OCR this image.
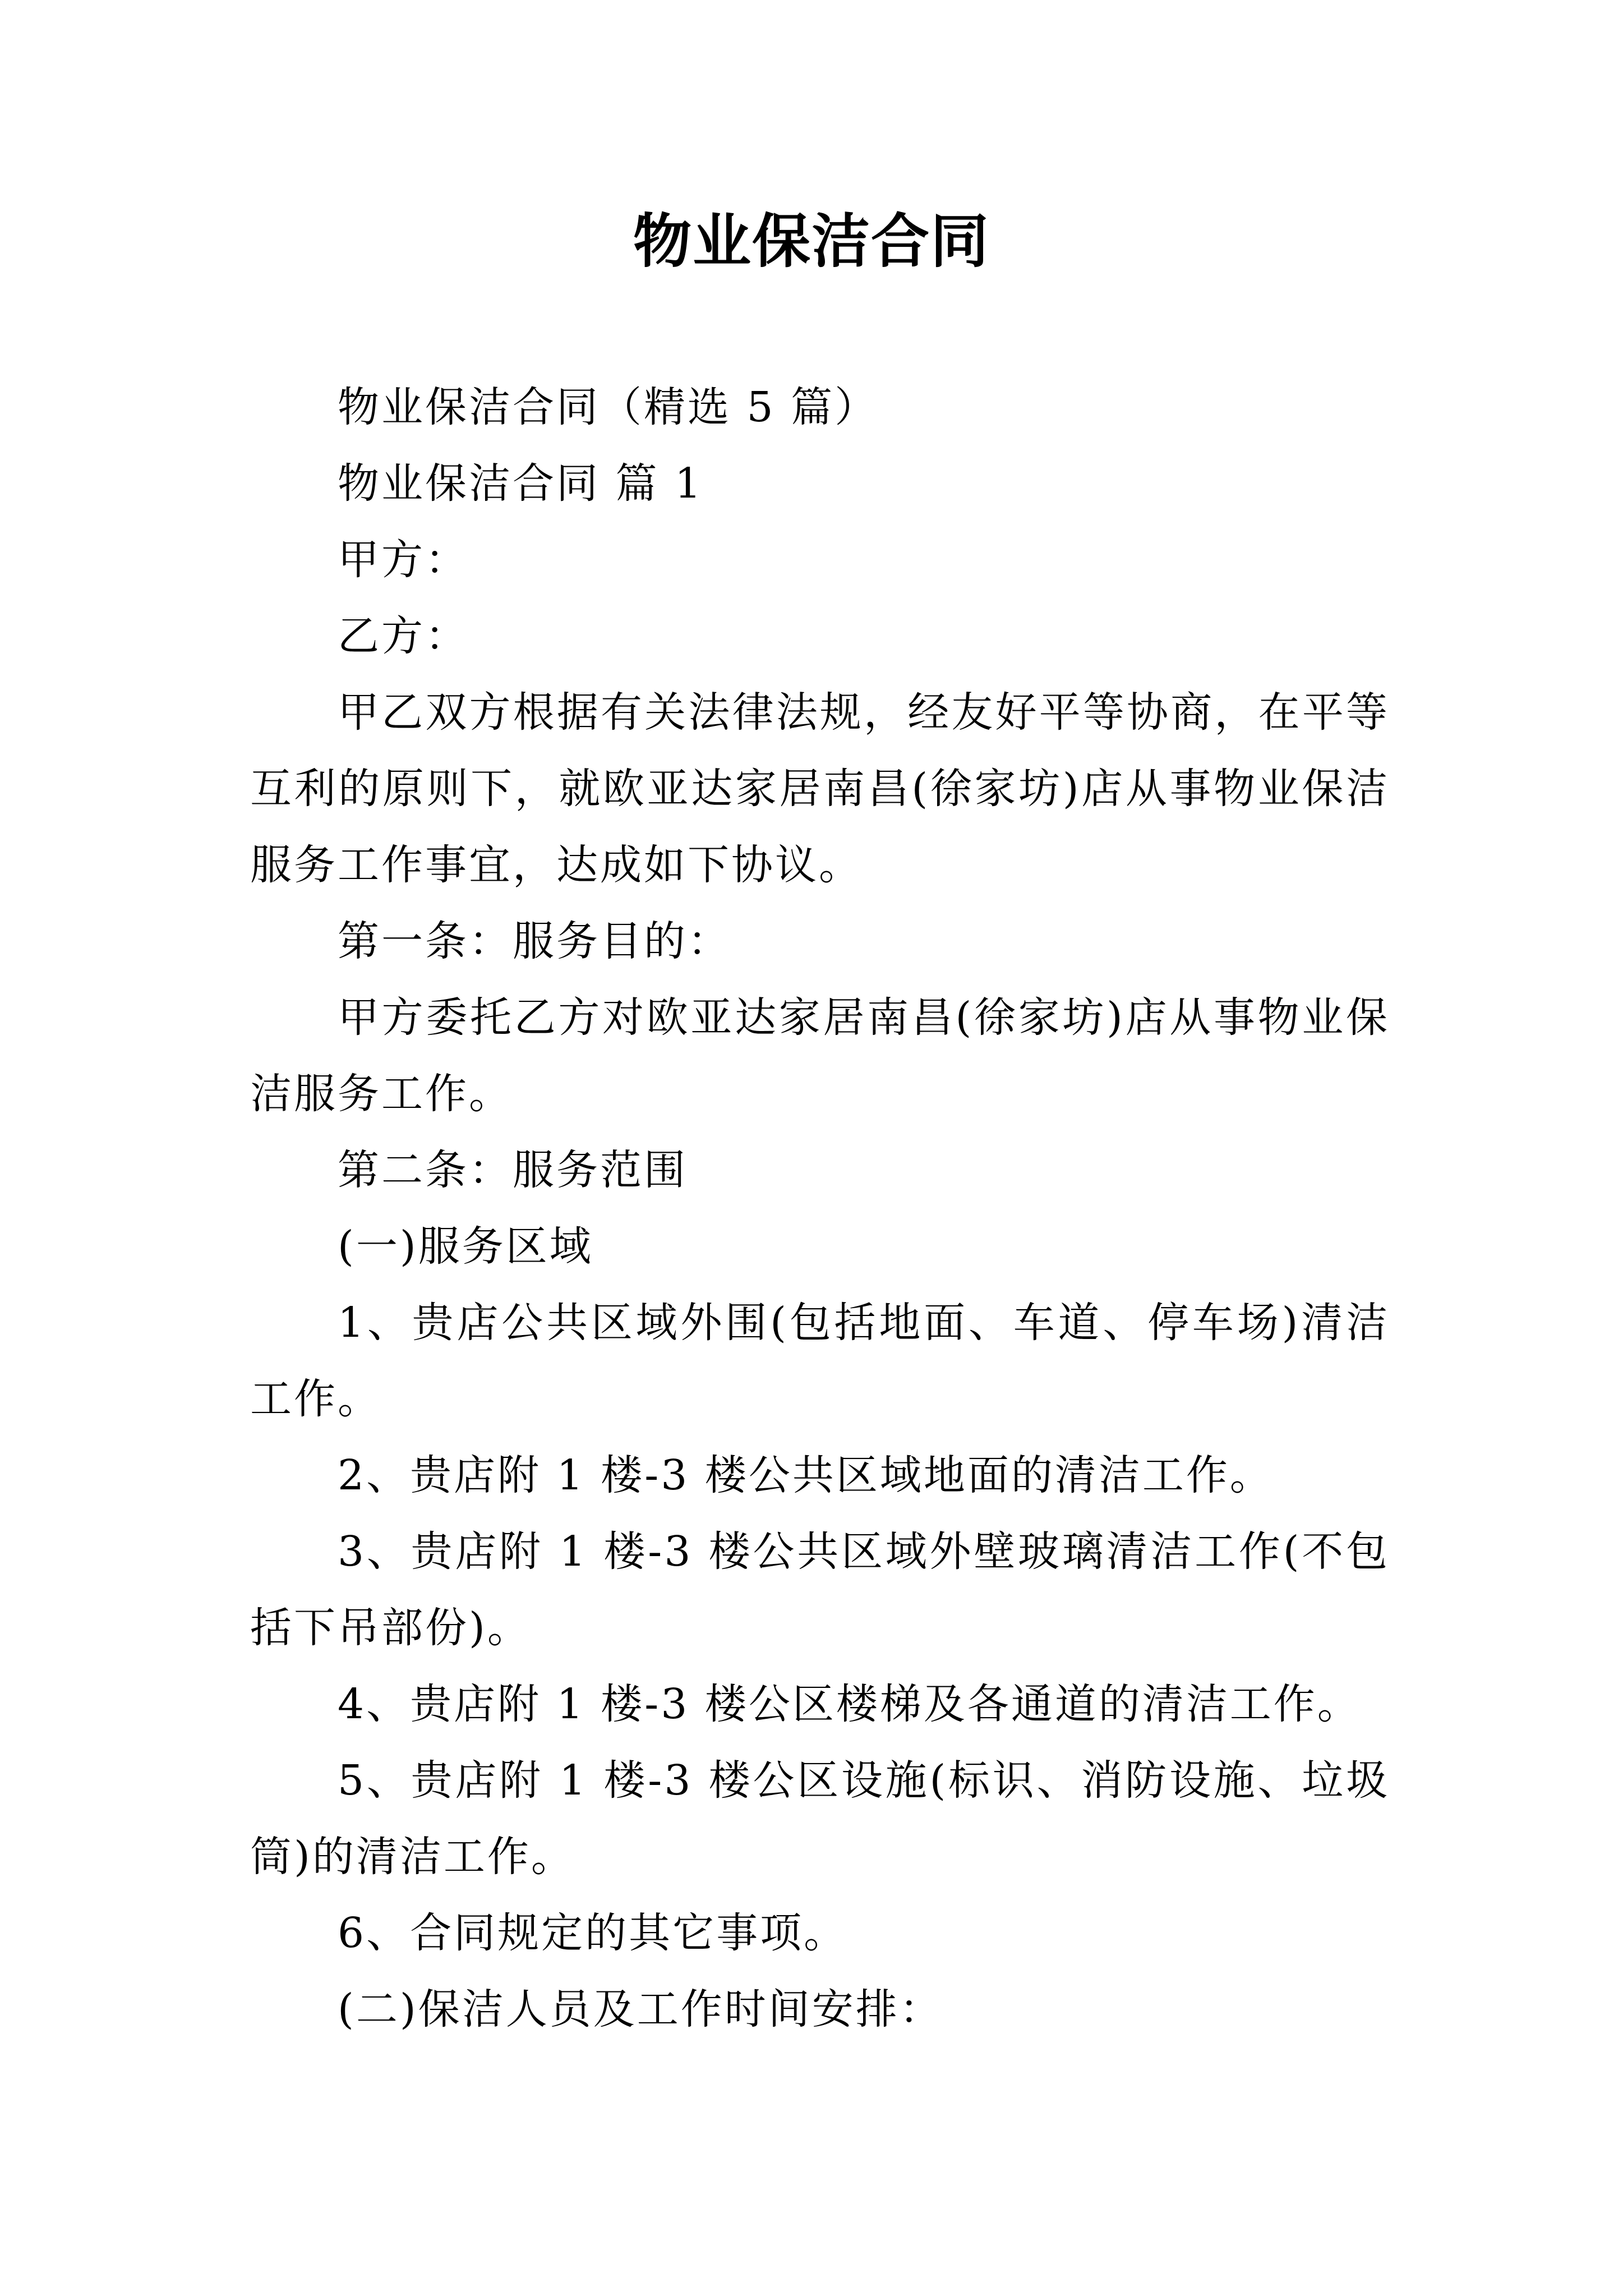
物业保洁合同

物业保洁合同（精选 5 篇）

物业保洁合同 篇 1

甲方：

乙方：

甲乙双方根据有关法律法规，经友好平等协商，在平等互利的原则下，就欧亚达家居南昌(徐家坊)店从事物业保洁服务工作事宜，达成如下协议。

第一条：服务目的：

甲方委托乙方对欧亚达家居南昌(徐家坊)店从事物业保洁服务工作。

第二条：服务范围

(一)服务区域

1、贵店公共区域外围(包括地面、车道、停车场)清洁工作。

2、贵店附 1 楼-3 楼公共区域地面的清洁工作。

3、贵店附 1 楼-3 楼公共区域外壁玻璃清洁工作(不包括下吊部份)。

4、贵店附 1 楼-3 楼公区楼梯及各通道的清洁工作。

5、贵店附 1 楼-3 楼公区设施(标识、消防设施、垃圾筒)的清洁工作。

6、合同规定的其它事项。

(二)保洁人员及工作时间安排：
